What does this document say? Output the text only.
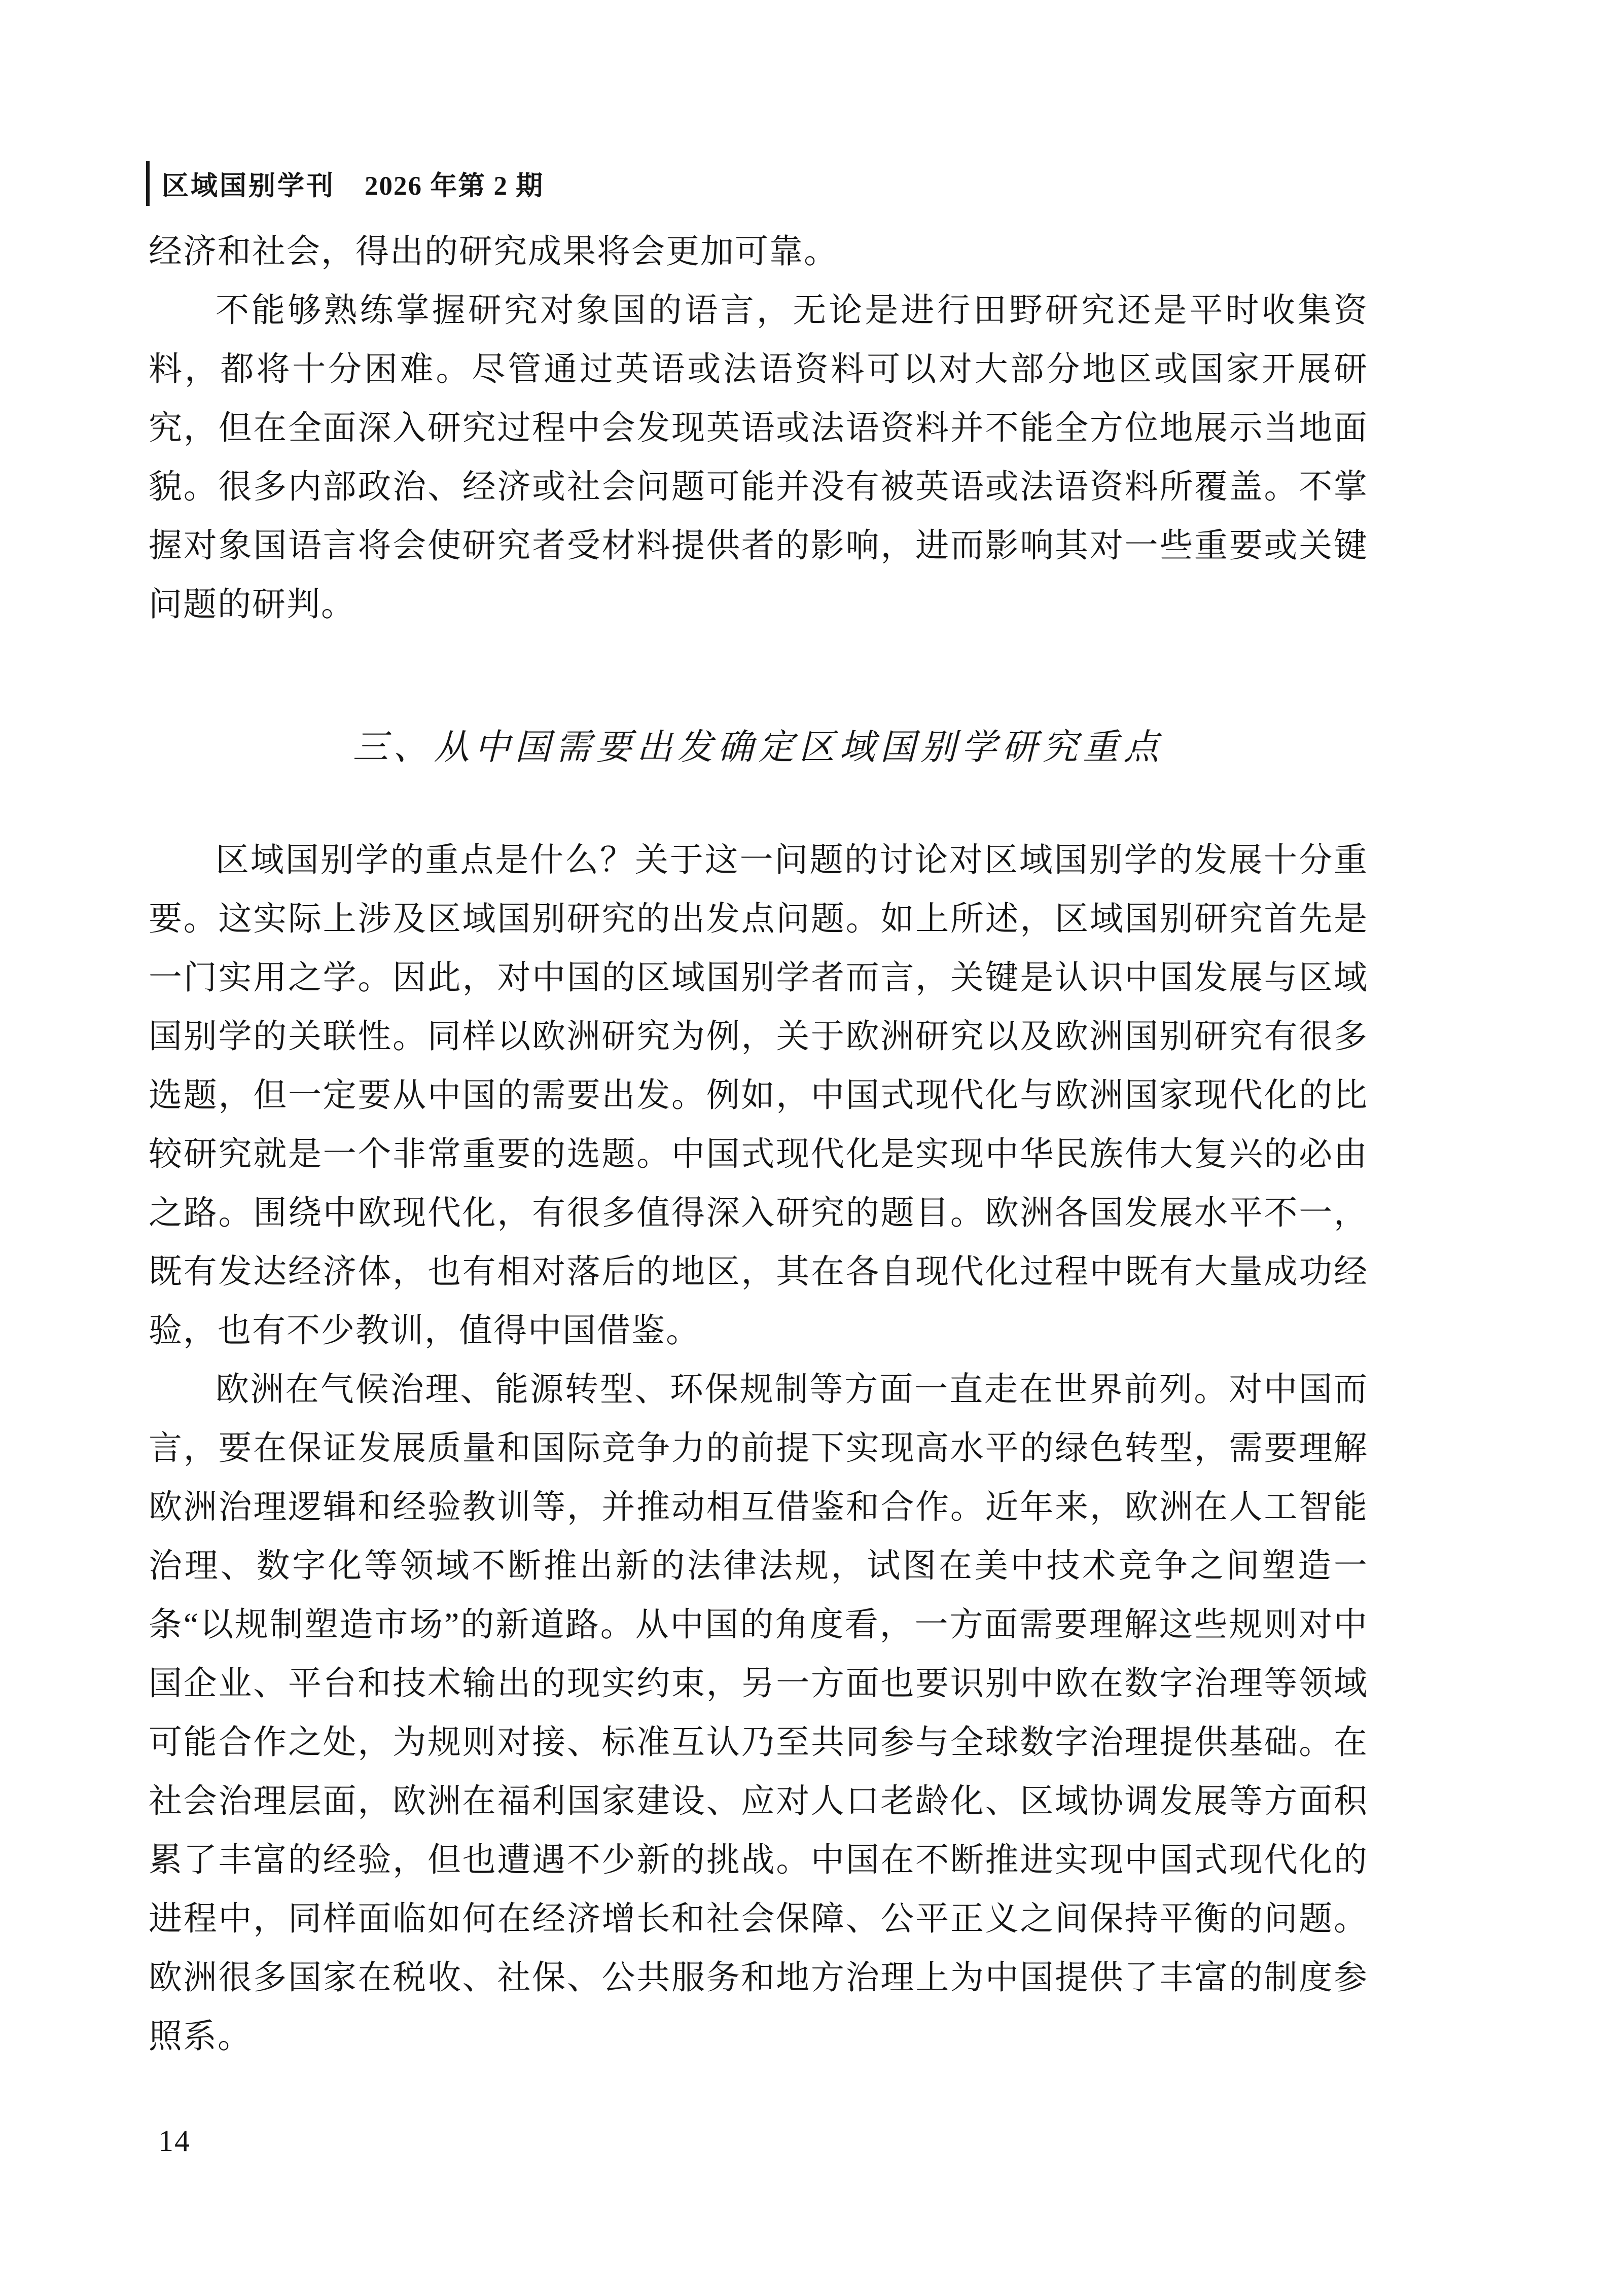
区域国别学刊 2026 年第 2 期

经济和社会，得出的研究成果将会更加可靠。

不能够熟练掌握研究对象国的语言，无论是进行田野研究还是平时收集资料，都将十分困难。尽管通过英语或法语资料可以对大部分地区或国家开展研究，但在全面深入研究过程中会发现英语或法语资料并不能全方位地展示当地面貌。很多内部政治、经济或社会问题可能并没有被英语或法语资料所覆盖。不掌握对象国语言将会使研究者受材料提供者的影响，进而影响其对一些重要或关键问题的研判。

三、从中国需要出发确定区域国别学研究重点

区域国别学的重点是什么？关于这一问题的讨论对区域国别学的发展十分重要。这实际上涉及区域国别研究的出发点问题。如上所述，区域国别研究首先是一门实用之学。因此，对中国的区域国别学者而言，关键是认识中国发展与区域国别学的关联性。同样以欧洲研究为例，关于欧洲研究以及欧洲国别研究有很多选题，但一定要从中国的需要出发。例如，中国式现代化与欧洲国家现代化的比较研究就是一个非常重要的选题。中国式现代化是实现中华民族伟大复兴的必由之路。围绕中欧现代化，有很多值得深入研究的题目。欧洲各国发展水平不一，既有发达经济体，也有相对落后的地区，其在各自现代化过程中既有大量成功经验，也有不少教训，值得中国借鉴。

欧洲在气候治理、能源转型、环保规制等方面一直走在世界前列。对中国而言，要在保证发展质量和国际竞争力的前提下实现高水平的绿色转型，需要理解欧洲治理逻辑和经验教训等，并推动相互借鉴和合作。近年来，欧洲在人工智能治理、数字化等领域不断推出新的法律法规，试图在美中技术竞争之间塑造一条“以规制塑造市场”的新道路。从中国的角度看，一方面需要理解这些规则对中国企业、平台和技术输出的现实约束，另一方面也要识别中欧在数字治理等领域可能合作之处，为规则对接、标准互认乃至共同参与全球数字治理提供基础。在社会治理层面，欧洲在福利国家建设、应对人口老龄化、区域协调发展等方面积累了丰富的经验，但也遭遇不少新的挑战。中国在不断推进实现中国式现代化的进程中，同样面临如何在经济增长和社会保障、公平正义之间保持平衡的问题。欧洲很多国家在税收、社保、公共服务和地方治理上为中国提供了丰富的制度参照系。

14
